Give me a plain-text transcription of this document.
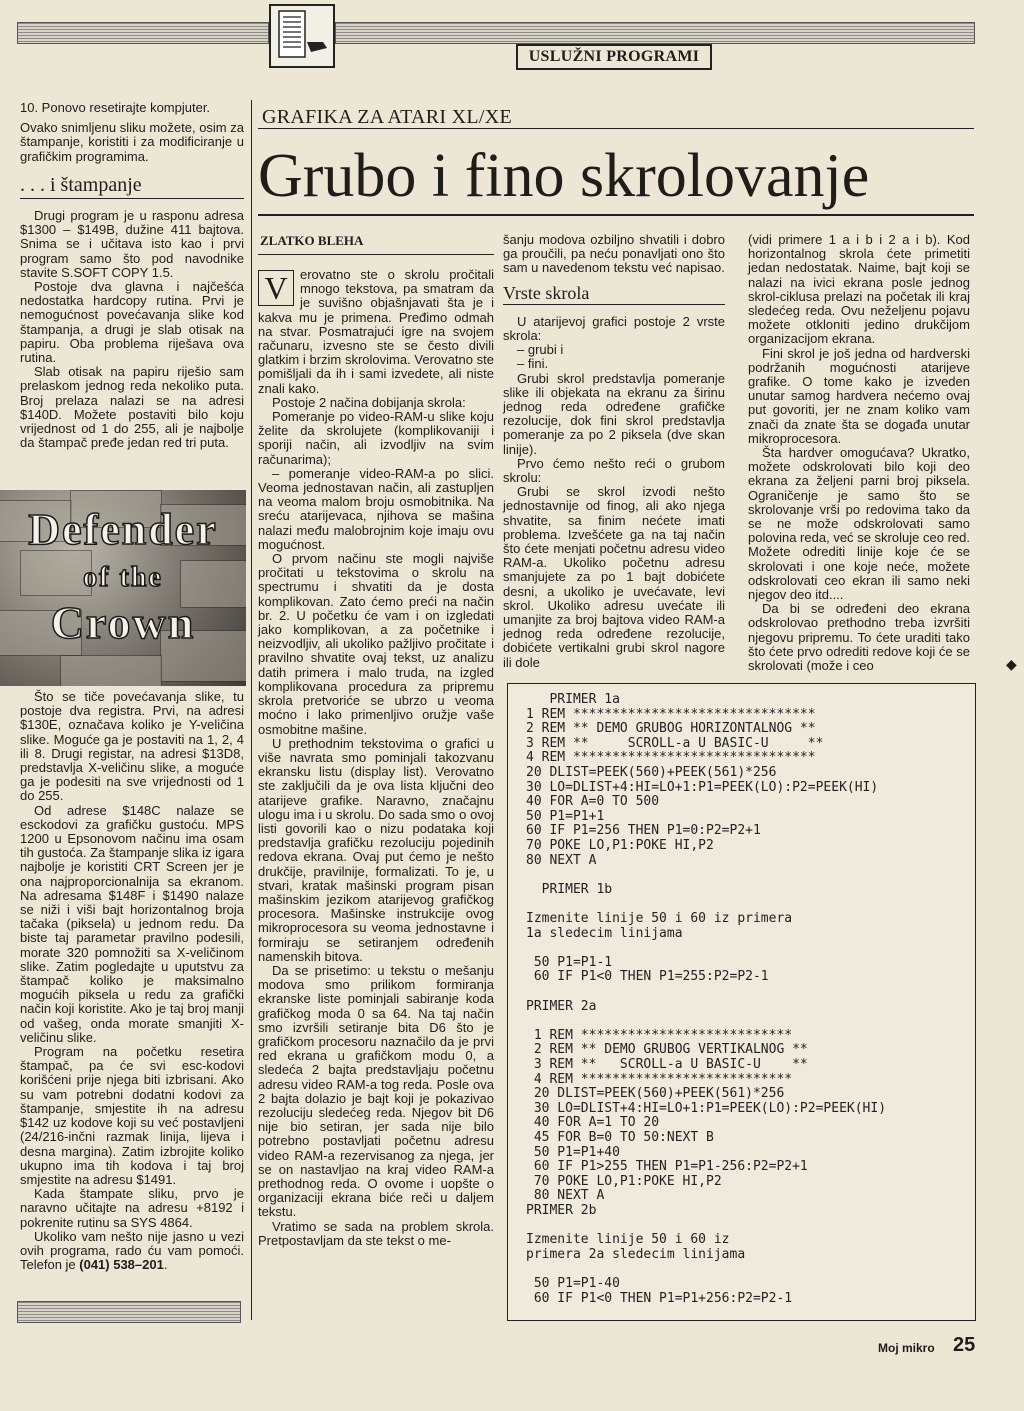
USLUŽNI PROGRAMI

10. Ponovo resetirajte kompjuter.

Ovako snimljenu sliku možete, osim za štampanje, koristiti i za modificiranje u grafičkim programima.

. . . i štampanje

Drugi program je u rasponu adresa $1300 – $149B, dužine 411 bajtova. Snima se i učitava isto kao i prvi program samo što pod navodnike stavite S.SOFT COPY 1.5.

Postoje dva glavna i najčešća nedostatka hardcopy rutina. Prvi je nemogućnost povećavanja slike kod štampanja, a drugi je slab otisak na papiru. Oba problema riješava ova rutina.

Slab otisak na papiru riješio sam prelaskom jednog reda nekoliko puta. Broj prelaza nalazi se na adresi $140D. Možete postaviti bilo koju vrijednost od 1 do 255, ali je najbolje da štampač pređe jedan red tri puta.

Defender
of the
Crown

Što se tiče povećavanja slike, tu postoje dva registra. Prvi, na adresi $130E, označava koliko je Y-veličina slike. Moguće ga je postaviti na 1, 2, 4 ili 8. Drugi registar, na adresi $13D8, predstavlja X-veličinu slike, a moguće ga je podesiti na sve vrijednosti od 1 do 255.

Od adrese $148C nalaze se esckodovi za grafičku gustoću. MPS 1200 u Epsonovom načinu ima osam tih gustoća. Za štampanje slika iz igara najbolje je koristiti CRT Screen jer je ona najproporcionalnija sa ekranom. Na adresama $148F i $1490 nalaze se niži i viši bajt horizontalnog broja tačaka (piksela) u jednom redu. Da biste taj parametar pravilno podesili, morate 320 pomnožiti sa X-veličinom slike. Zatim pogledajte u uputstvu za štampač koliko je maksimalno mogućih piksela u redu za grafički način koji koristite. Ako je taj broj manji od vašeg, onda morate smanjiti X-veličinu slike.

Program na početku resetira štampač, pa će svi esc-kodovi korišćeni prije njega biti izbrisani. Ako su vam potrebni dodatni kodovi za štampanje, smjestite ih na adresu $142 uz kodove koji su već postavljeni (24/216-inčni razmak linija, lijeva i desna margina). Zatim izbrojite koliko ukupno ima tih kodova i taj broj smjestite na adresu $1491.

Kada štampate sliku, prvo je naravno učitajte na adresu +8192 i pokrenite rutinu sa SYS 4864.

Ukoliko vam nešto nije jasno u vezi ovih programa, rado ću vam pomoći. Telefon je (041) 538–201.

GRAFIKA ZA ATARI XL/XE
Grubo i fino skrolovanje
ZLATKO BLEHA

V erovatno ste o skrolu pročitali mnogo tekstova, pa smatram da je suvišno objašnjavati šta je i kakva mu je primena. Pređimo odmah na stvar. Posmatrajući igre na svojem računaru, izvesno ste se često divili glatkim i brzim skrolovima. Verovatno ste pomišljali da ih i sami izvedete, ali niste znali kako.

Postoje 2 načina dobijanja skrola:

Pomeranje po video-RAM-u slike koju želite da skrolujete (komplikovaniji i sporiji način, ali izvodljiv na svim računarima);

– pomeranje video-RAM-a po slici. Veoma jednostavan način, ali zastupljen na veoma malom broju osmobitnika. Na sreću atarijevaca, njihova se mašina nalazi među malobrojnim koje imaju ovu mogućnost.

O prvom načinu ste mogli najviše pročitati u tekstovima o skrolu na spectrumu i shvatiti da je dosta komplikovan. Zato ćemo preći na način br. 2. U početku će vam i on izgledati jako komplikovan, a za početnike i neizvodljiv, ali ukoliko pažljivo pročitate i pravilno shvatite ovaj tekst, uz analizu datih primera i malo truda, na izgled komplikovana procedura za pripremu skrola pretvoriće se ubrzo u veoma moćno i lako primenljivo oružje vaše osmobitne mašine.

U prethodnim tekstovima o grafici u više navrata smo pominjali takozvanu ekransku listu (display list). Verovatno ste zaključili da je ova lista ključni deo atarijeve grafike. Naravno, značajnu ulogu ima i u skrolu. Do sada smo o ovoj listi govorili kao o nizu podataka koji predstavlja grafičku rezoluciju pojedinih redova ekrana. Ovaj put ćemo je nešto drukčije, pravilnije, formalizati. To je, u stvari, kratak mašinski program pisan mašinskim jezikom atarijevog grafičkog procesora. Mašinske instrukcije ovog mikroprocesora su veoma jednostavne i formiraju se setiranjem određenih namenskih bitova.

Da se prisetimo: u tekstu o mešanju modova smo prilikom formiranja ekranske liste pominjali sabiranje koda grafičkog moda 0 sa 64. Na taj način smo izvršili setiranje bita D6 što je grafičkom procesoru naznačilo da je prvi red ekrana u grafičkom modu 0, a sledeća 2 bajta predstavljaju početnu adresu video RAM-a tog reda. Posle ova 2 bajta dolazio je bajt koji je pokazivao rezoluciju sledećeg reda. Njegov bit D6 nije bio setiran, jer sada nije bilo potrebno postavljati početnu adresu video RAM-a rezervisanog za njega, jer se on nastavljao na kraj video RAM-a prethodnog reda. O ovome i uopšte o organizaciji ekrana biće reči u daljem tekstu.

Vratimo se sada na problem skrola. Pretpostavljam da ste tekst o me-

šanju modova ozbiljno shvatili i dobro ga proučili, pa neću ponavljati ono što sam u navedenom tekstu već napisao.

Vrste skrola

U atarijevoj grafici postoje 2 vrste skrola:

– grubi i

– fini.

Grubi skrol predstavlja pomeranje slike ili objekata na ekranu za širinu jednog reda određene grafičke rezolucije, dok fini skrol predstavlja pomeranje za po 2 piksela (dve skan linije).

Prvo ćemo nešto reći o grubom skrolu:

Grubi se skrol izvodi nešto jednostavnije od finog, ali ako njega shvatite, sa finim nećete imati problema. Izvešćete ga na taj način što ćete menjati početnu adresu video RAM-a. Ukoliko početnu adresu smanjujete za po 1 bajt dobićete desni, a ukoliko je uvećavate, levi skrol. Ukoliko adresu uvećate ili umanjite za broj bajtova video RAM-a jednog reda određene rezolucije, dobićete vertikalni grubi skrol nagore ili dole

(vidi primere 1 a i b i 2 a i b). Kod horizontalnog skrola ćete primetiti jedan nedostatak. Naime, bajt koji se nalazi na ivici ekrana posle jednog skrol-ciklusa prelazi na početak ili kraj sledećeg reda. Ovu neželjenu pojavu možete otkloniti jedino drukčijom organizacijom ekrana.

Fini skrol je još jedna od hardverski podržanih mogućnosti atarijeve grafike. O tome kako je izveden unutar samog hardvera nećemo ovaj put govoriti, jer ne znam koliko vam znači da znate šta se događa unutar mikroprocesora.

Šta hardver omogućava? Ukratko, možete odskrolovati bilo koji deo ekrana za željeni parni broj piksela. Ograničenje je samo što se skrolovanje vrši po redovima tako da se ne može odskrolovati samo polovina reda, već se skroluje ceo red. Možete odrediti linije koje će se skrolovati i one koje neće, možete odskrolovati ceo ekran ili samo neki njegov deo itd....

Da bi se određeni deo ekrana odskrolovao prethodno treba izvršiti njegovu pripremu. To ćete uraditi tako što ćete prvo odrediti redove koji će se skrolovati (može i ceo	◆
PRIMER 1a
1 REM *******************************
2 REM ** DEMO GRUBOG HORIZONTALNOG **
3 REM **     SCROLL-a U BASIC-U     **
4 REM *******************************
20 DLIST=PEEK(560)+PEEK(561)*256
30 LO=DLIST+4:HI=LO+1:P1=PEEK(LO):P2=PEEK(HI)
40 FOR A=0 TO 500
50 P1=P1+1
60 IF P1=256 THEN P1=0:P2=P2+1
70 POKE LO,P1:POKE HI,P2
80 NEXT A
PRIMER 1b
Izmenite linije 50 i 60 iz primera
1a sledecim linijama
50 P1=P1-1
60 IF P1<0 THEN P1=255:P2=P2-1
PRIMER 2a
1 REM ***************************
2 REM ** DEMO GRUBOG VERTIKALNOG **
3 REM **   SCROLL-a U BASIC-U    **
4 REM ***************************
20 DLIST=PEEK(560)+PEEK(561)*256
30 LO=DLIST+4:HI=LO+1:P1=PEEK(LO):P2=PEEK(HI)
40 FOR A=1 TO 20
45 FOR B=0 TO 50:NEXT B
50 P1=P1+40
60 IF P1>255 THEN P1=P1-256:P2=P2+1
70 POKE LO,P1:POKE HI,P2
80 NEXT A
PRIMER 2b
Izmenite linije 50 i 60 iz
primera 2a sledecim linijama
50 P1=P1-40
60 IF P1<0 THEN P1=P1+256:P2=P2-1
Moj mikro 25
